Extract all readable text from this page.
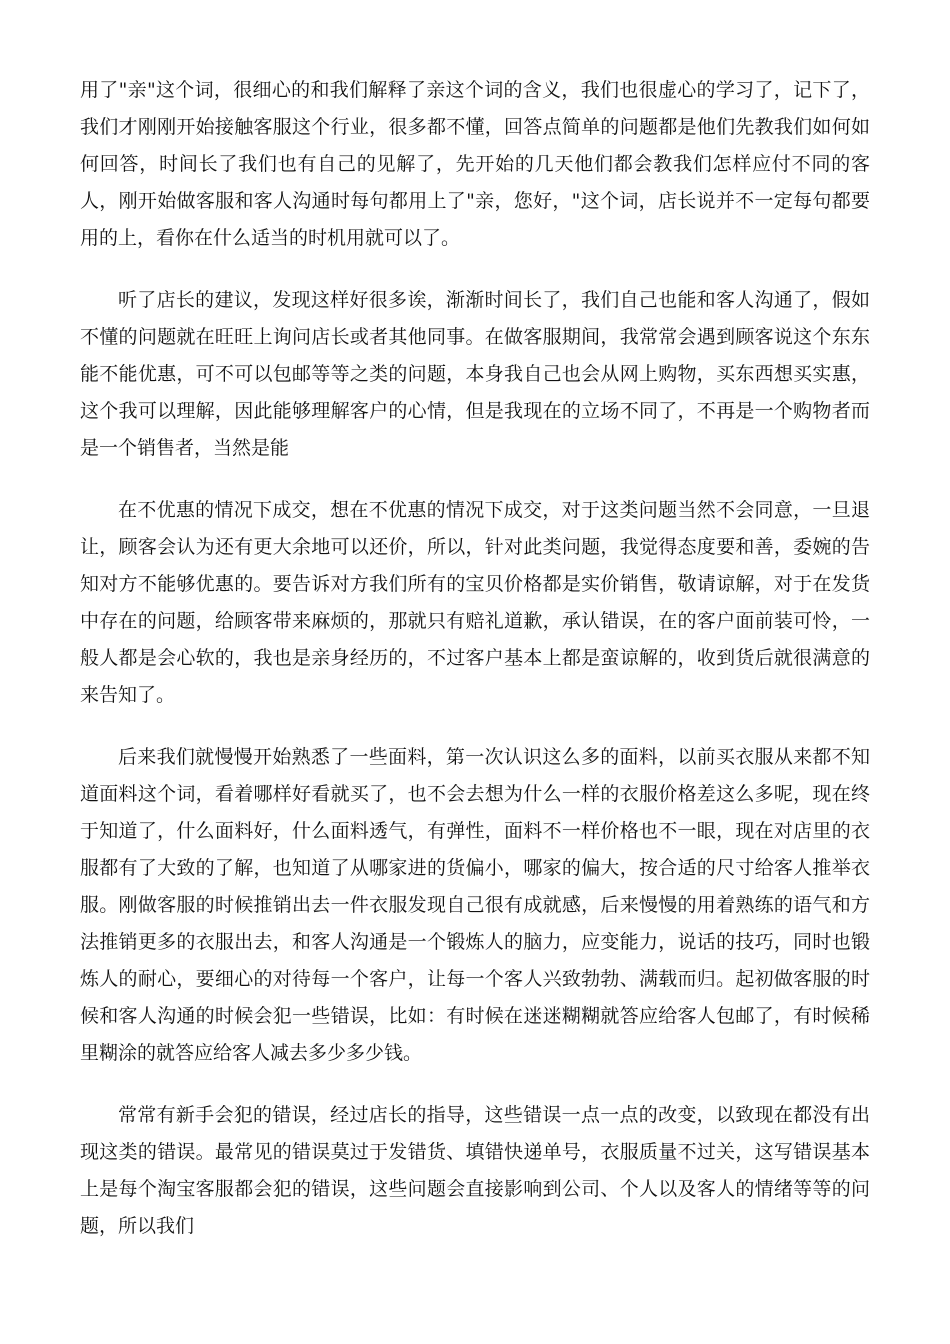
用了"亲"这个词，很细心的和我们解释了亲这个词的含义，我们也很虚心的学习了，记下了，我们才刚刚开始接触客服这个行业，很多都不懂，回答点简单的问题都是他们先教我们如何如何回答，时间长了我们也有自己的见解了，先开始的几天他们都会教我们怎样应付不同的客人，刚开始做客服和客人沟通时每句都用上了"亲，您好，"这个词，店长说并不一定每句都要用的上，看你在什么适当的时机用就可以了。

听了店长的建议，发现这样好很多诶，渐渐时间长了，我们自己也能和客人沟通了，假如不懂的问题就在旺旺上询问店长或者其他同事。在做客服期间，我常常会遇到顾客说这个东东能不能优惠，可不可以包邮等等之类的问题，本身我自己也会从网上购物，买东西想买实惠，这个我可以理解，因此能够理解客户的心情，但是我现在的立场不同了，不再是一个购物者而是一个销售者，当然是能

在不优惠的情况下成交，想在不优惠的情况下成交，对于这类问题当然不会同意，一旦退让，顾客会认为还有更大余地可以还价，所以，针对此类问题，我觉得态度要和善，委婉的告知对方不能够优惠的。要告诉对方我们所有的宝贝价格都是实价销售，敬请谅解，对于在发货中存在的问题，给顾客带来麻烦的，那就只有赔礼道歉，承认错误，在的客户面前装可怜，一般人都是会心软的，我也是亲身经历的，不过客户基本上都是蛮谅解的，收到货后就很满意的来告知了。

后来我们就慢慢开始熟悉了一些面料，第一次认识这么多的面料，以前买衣服从来都不知道面料这个词，看着哪样好看就买了，也不会去想为什么一样的衣服价格差这么多呢，现在终于知道了，什么面料好，什么面料透气，有弹性，面料不一样价格也不一眼，现在对店里的衣服都有了大致的了解，也知道了从哪家进的货偏小，哪家的偏大，按合适的尺寸给客人推举衣服。刚做客服的时候推销出去一件衣服发现自己很有成就感，后来慢慢的用着熟练的语气和方法推销更多的衣服出去，和客人沟通是一个锻炼人的脑力，应变能力，说话的技巧，同时也锻炼人的耐心，要细心的对待每一个客户，让每一个客人兴致勃勃、满载而归。起初做客服的时候和客人沟通的时候会犯一些错误，比如：有时候在迷迷糊糊就答应给客人包邮了，有时候稀里糊涂的就答应给客人减去多少多少钱。

常常有新手会犯的错误，经过店长的指导，这些错误一点一点的改变，以致现在都没有出现这类的错误。最常见的错误莫过于发错货、填错快递单号，衣服质量不过关，这写错误基本上是每个淘宝客服都会犯的错误，这些问题会直接影响到公司、个人以及客人的情绪等等的问题，所以我们
